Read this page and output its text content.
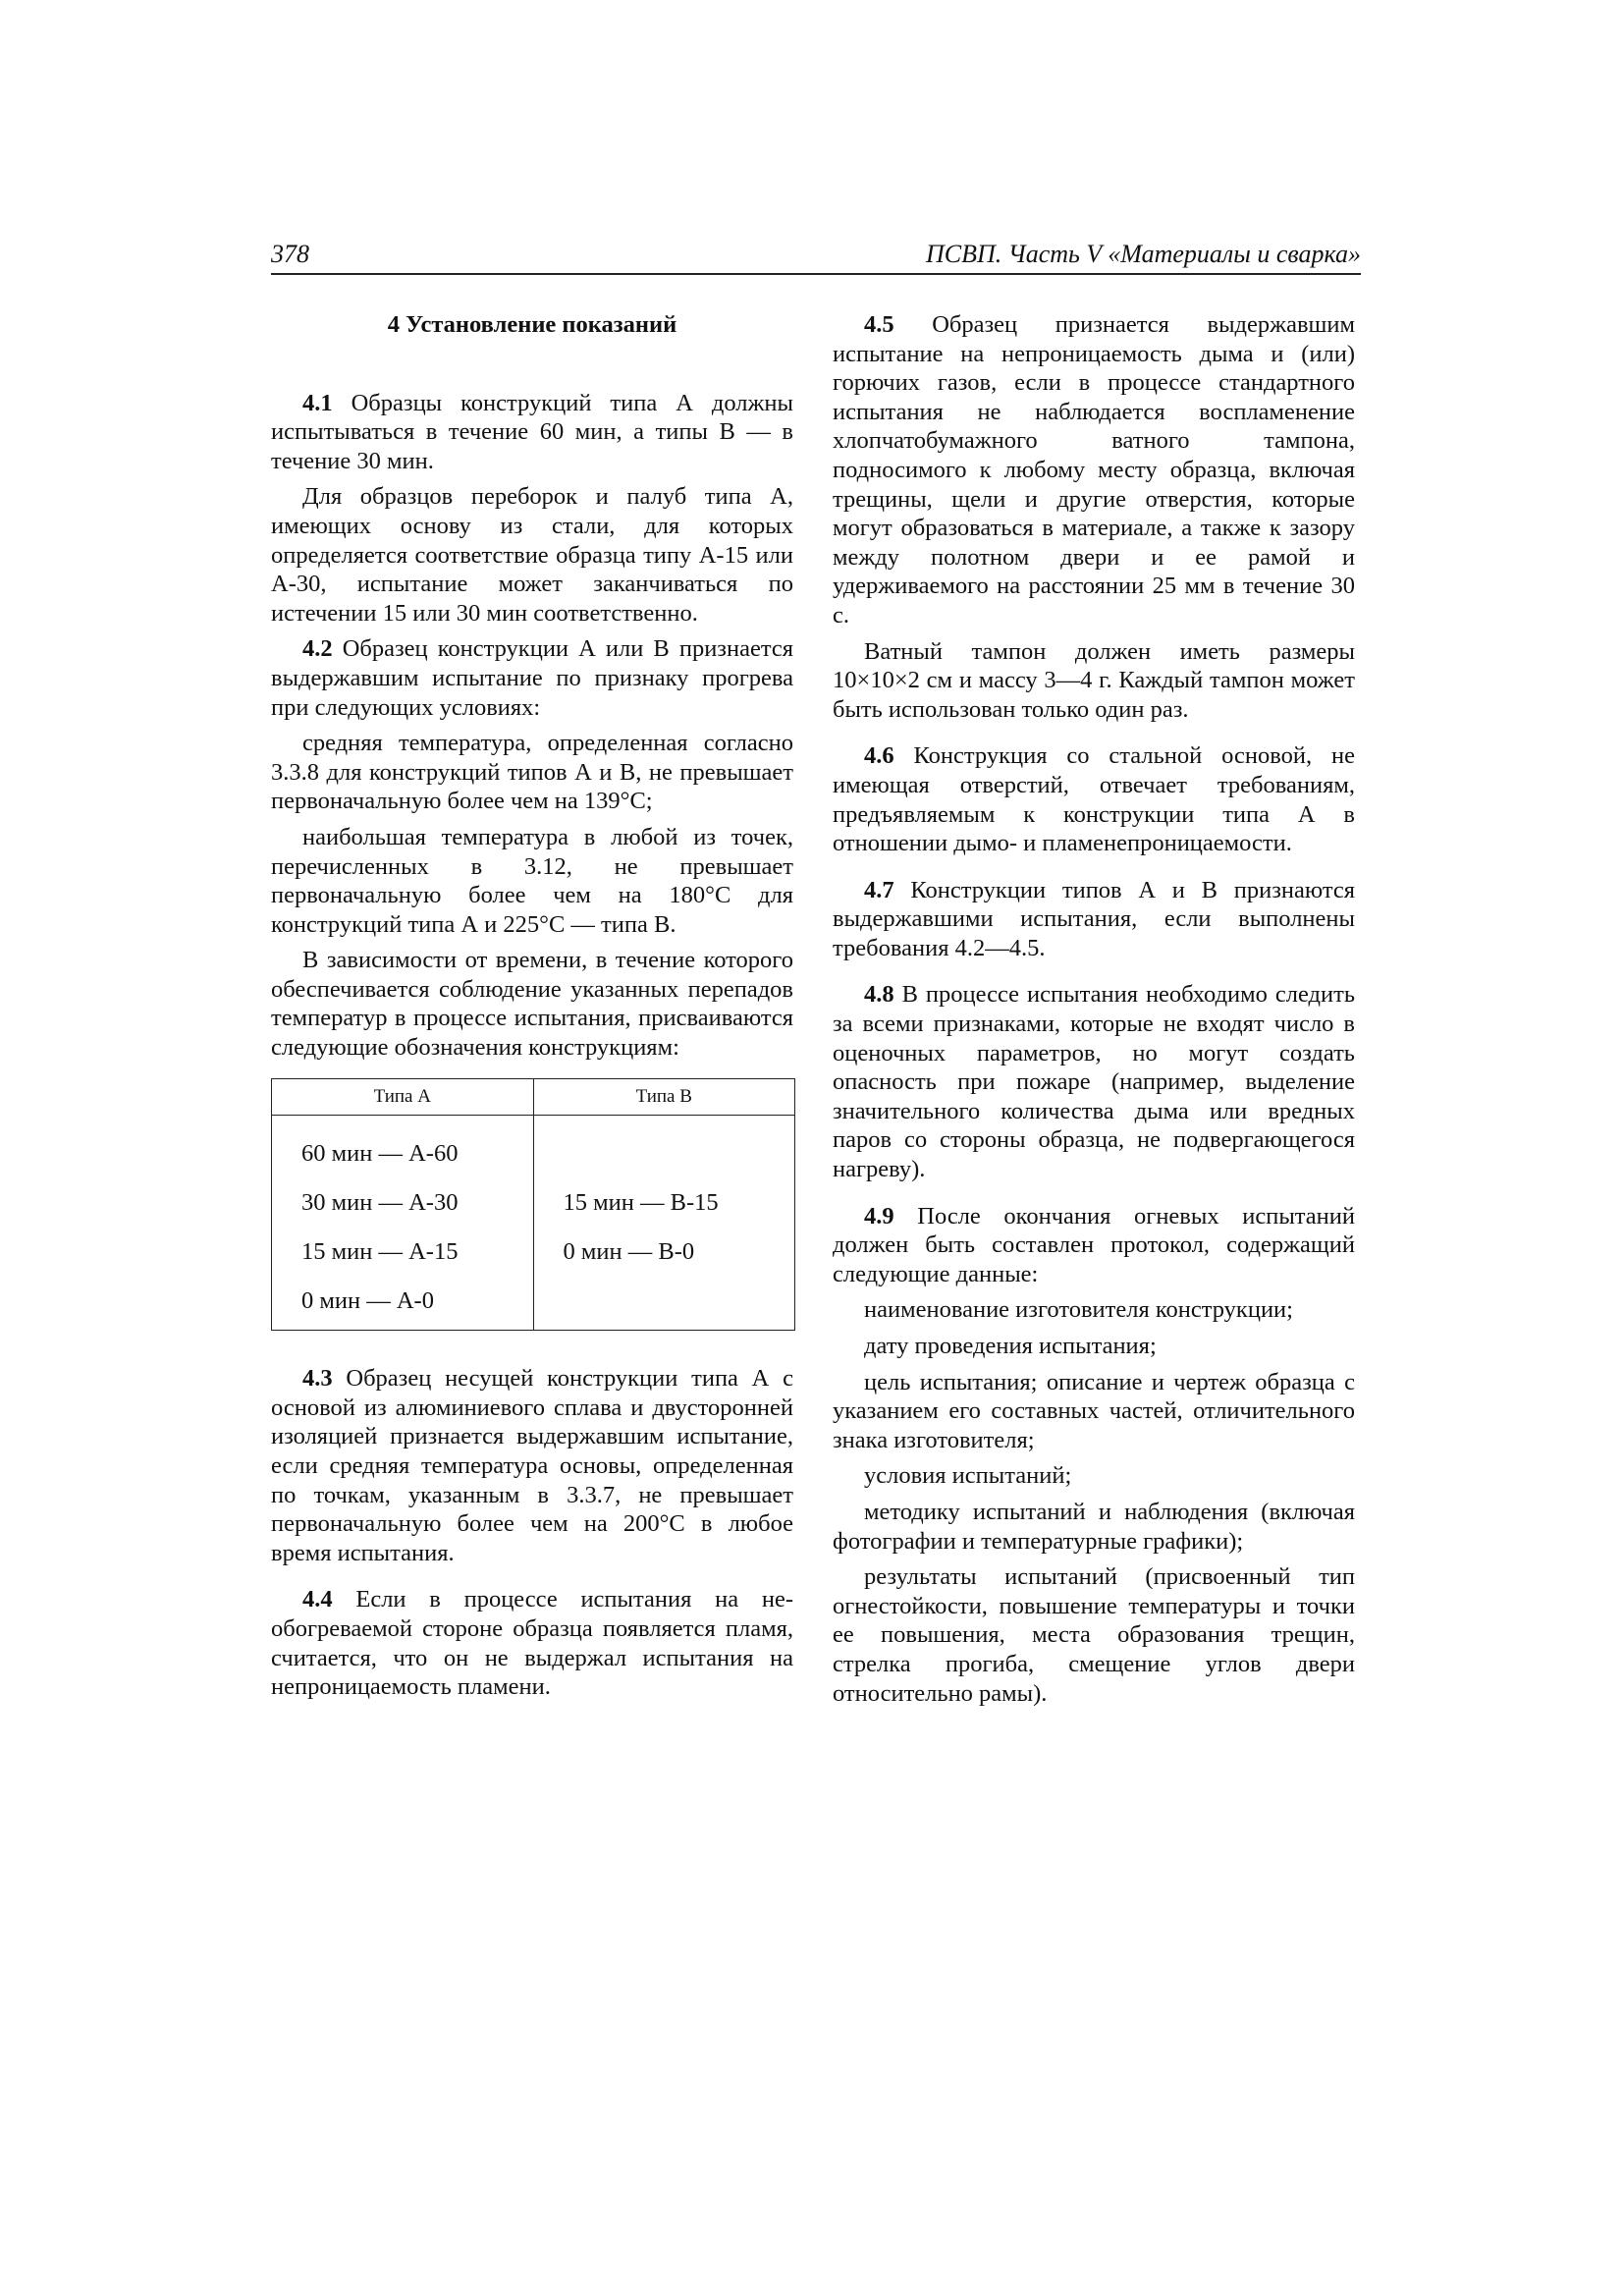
378	ПСВП. Часть V «Материалы и сварка»
4 Установление показаний

4.1 Образцы конструкций типа А должны испытываться в течение 60 мин, а типы В — в течение 30 мин.

Для образцов переборок и палуб типа А, имеющих основу из стали, для которых определяется соответствие образца типу А-15 или А-30, испытание может заканчиваться по истечении 15 или 30 мин соответственно.

4.2 Образец конструкции А или В признается выдержавшим испытание по признаку прогрева при следующих условиях:

средняя температура, определенная согласно 3.3.8 для конструкций типов А и В, не превышает первоначальную более чем на 139°С;

наибольшая температура в любой из точек, перечисленных в 3.12, не превышает первоначальную более чем на 180°С для конструкций типа А и 225°С — типа В.

В зависимости от времени, в течение которого обеспечивается соблюдение указанных перепадов температур в процессе испытания, присваиваются следующие обозначения конструкциям:

Типа А	Типа В
60 мин — А-60	
30 мин — А-30	15 мин — В-15
15 мин — А-15	0 мин — В-0
0 мин — А-0	

4.3 Образец несущей конструкции типа А с основой из алюминиевого сплава и двусторонней изоляцией признается выдержавшим испытание, если средняя температура основы, определенная по точкам, указанным в 3.3.7, не превышает первоначальную более чем на 200°С в любое время испытания.

4.4 Если в процессе испытания на необогреваемой стороне образца появляется пламя, считается, что он не выдержал испытания на непроницаемость пламени.

4.5 Образец признается выдержавшим испытание на непроницаемость дыма и (или) горючих газов, если в процессе стандартного испытания не наблюдается воспламенение хлопчатобумажного ватного тампона, подносимого к любому месту образца, включая трещины, щели и другие отверстия, которые могут образоваться в материале, а также к зазору между полотном двери и ее рамой и удерживаемого на расстоянии 25 мм в течение 30 с.

Ватный тампон должен иметь размеры 10×10×2 см и массу 3—4 г. Каждый тампон может быть использован только один раз.

4.6 Конструкция со стальной основой, не имеющая отверстий, отвечает требованиям, предъявляемым к конструкции типа А в отношении дымо- и пламенепроницаемости.

4.7 Конструкции типов А и В признаются выдержавшими испытания, если выполнены требования 4.2—4.5.

4.8 В процессе испытания необходимо следить за всеми признаками, которые не входят число в оценочных параметров, но могут создать опасность при пожаре (например, выделение значительного количества дыма или вредных паров со стороны образца, не подвергающегося нагреву).

4.9 После окончания огневых испытаний должен быть составлен протокол, содержащий следующие данные:

наименование изготовителя конструкции;

дату проведения испытания;

цель испытания; описание и чертеж образца с указанием его составных частей, отличительного знака изготовителя;

условия испытаний;

методику испытаний и наблюдения (включая фотографии и температурные графики);

результаты испытаний (присвоенный тип огнестойкости, повышение температуры и точки ее повышения, места образования трещин, стрелка прогиба, смещение углов двери относительно рамы).
